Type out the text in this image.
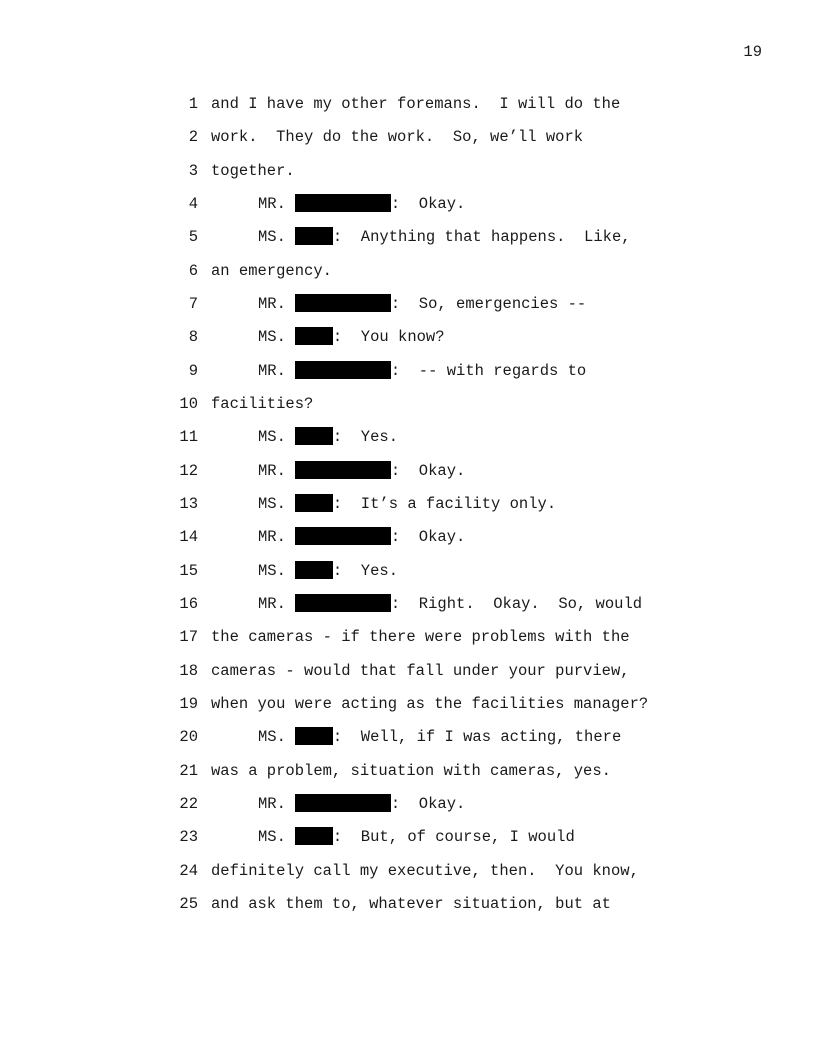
19
1 and I have my other foremans.  I will do the
2 work.  They do the work.  So, we’ll work
3 together.
4	MR.	:  Okay.
5	MS.	:  Anything that happens.  Like,
6 an emergency.
7	MR.	:  So, emergencies --
8	MS.	:  You know?
9	MR.	:  -- with regards to
10 facilities?
11	MS.	:  Yes.
12	MR.	:  Okay.
13	MS.	:  It’s a facility only.
14	MR.	:  Okay.
15	MS.	:  Yes.
16	MR.	:  Right.  Okay.  So, would
17 the cameras - if there were problems with the
18 cameras - would that fall under your purview,
19 when you were acting as the facilities manager?
20	MS.	:  Well, if I was acting, there
21 was a problem, situation with cameras, yes.
22	MR.	:  Okay.
23	MS.	:  But, of course, I would
24 definitely call my executive, then.  You know,
25 and ask them to, whatever situation, but at
